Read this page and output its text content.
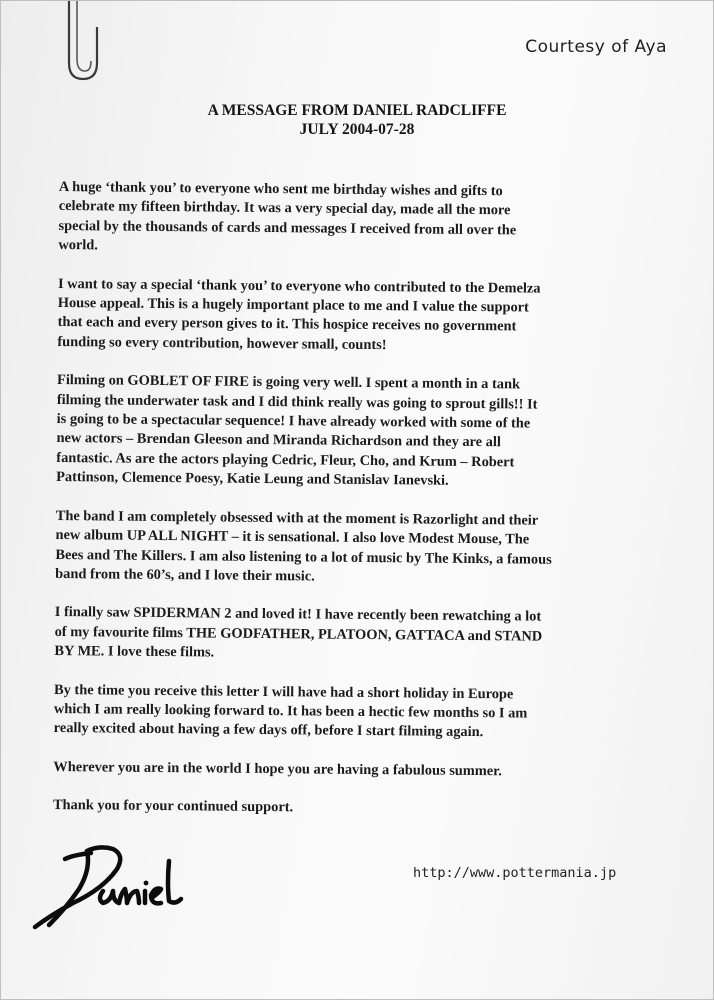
Courtesy of Aya
A MESSAGE FROM DANIEL RADCLIFFE
JULY 2004-07-28

A huge ‘thank you’ to everyone who sent me birthday wishes and gifts to
celebrate my fifteen birthday. It was a very special day, made all the more
special by the thousands of cards and messages I received from all over the
world.

I want to say a special ‘thank you’ to everyone who contributed to the Demelza
House appeal. This is a hugely important place to me and I value the support
that each and every person gives to it. This hospice receives no government
funding so every contribution, however small, counts!

Filming on GOBLET OF FIRE is going very well. I spent a month in a tank
filming the underwater task and I did think really was going to sprout gills!! It
is going to be a spectacular sequence! I have already worked with some of the
new actors – Brendan Gleeson and Miranda Richardson and they are all
fantastic. As are the actors playing Cedric, Fleur, Cho, and Krum – Robert
Pattinson, Clemence Poesy, Katie Leung and Stanislav Ianevski.

The band I am completely obsessed with at the moment is Razorlight and their
new album UP ALL NIGHT – it is sensational. I also love Modest Mouse, The
Bees and The Killers. I am also listening to a lot of music by The Kinks, a famous
band from the 60’s, and I love their music.

I finally saw SPIDERMAN 2 and loved it! I have recently been rewatching a lot
of my favourite films THE GODFATHER, PLATOON, GATTACA and STAND
BY ME. I love these films.

By the time you receive this letter I will have had a short holiday in Europe
which I am really looking forward to. It has been a hectic few months so I am
really excited about having a few days off, before I start filming again.

Wherever you are in the world I hope you are having a fabulous summer.

Thank you for your continued support.

http://www.pottermania.jp
